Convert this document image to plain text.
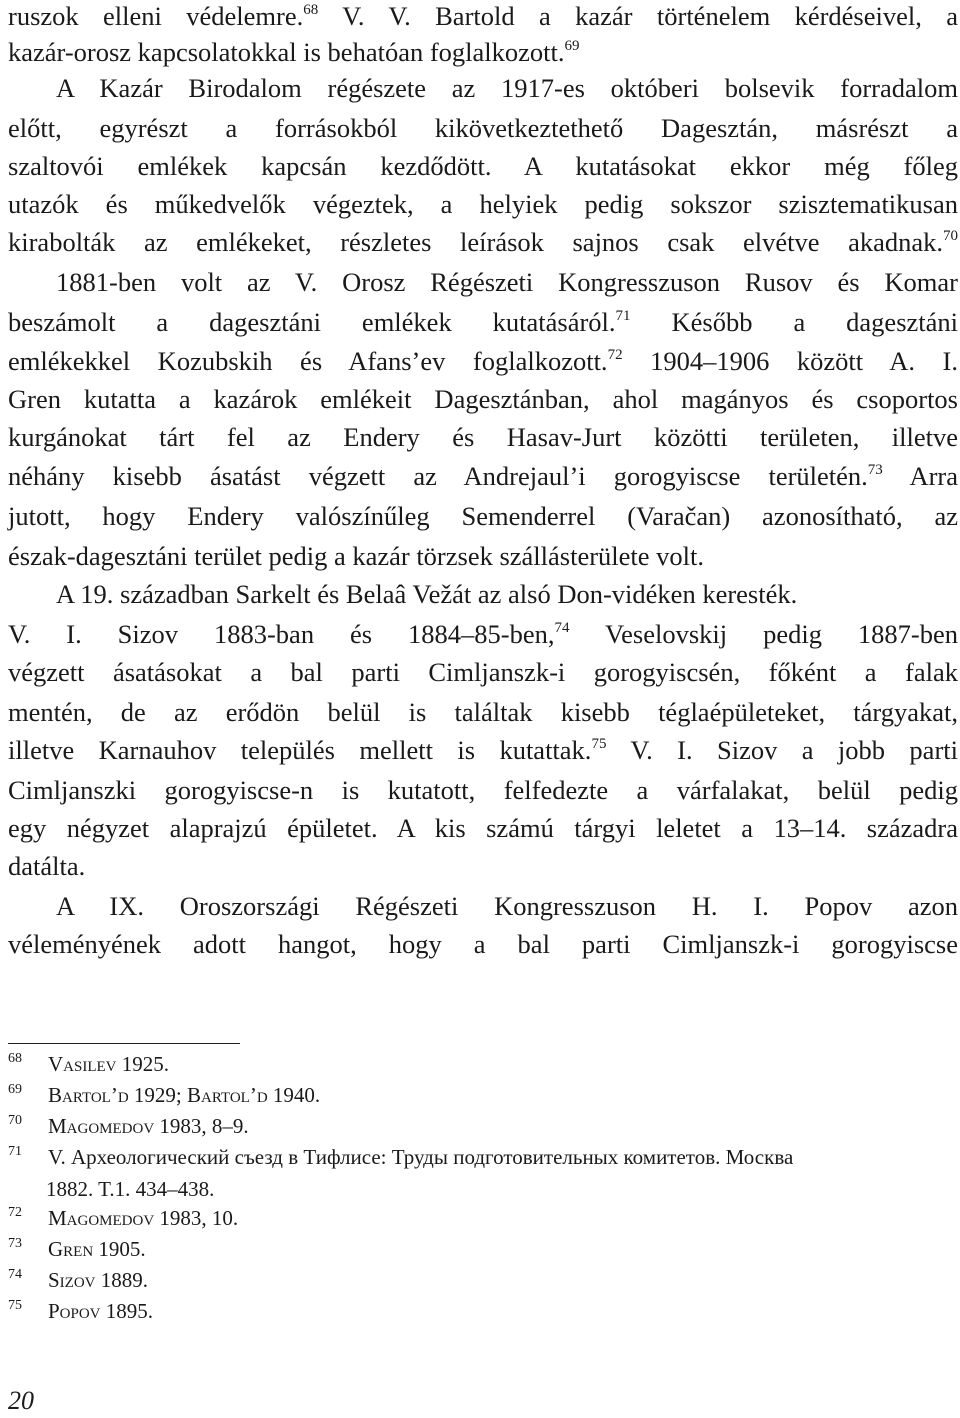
ruszok elleni védelemre.$^{68}$ V. V. Bartold a kazár történelem kérdéseivel, a
kazár-orosz kapcsolatokkal is behatóan foglalkozott.$^{69}$
A Kazár Birodalom régészete az 1917-es októberi bolsevik forradalom
előtt, egyrészt a forrásokból kikövetkeztethető Dagesztán, másrészt a
szaltovói emlékek kapcsán kezdődött. A kutatásokat ekkor még főleg
utazók és műkedvelők végeztek, a helyiek pedig sokszor szisztematikusan
kirabolták az emlékeket, részletes leírások sajnos csak elvétve akadnak.$^{70}$
1881-ben volt az V. Orosz Régészeti Kongresszuson Rusov és Komar
beszámolt a dagesztáni emlékek kutatásáról.$^{71}$ Később a dagesztáni
emlékekkel Kozubskih és Afans’ev foglalkozott.$^{72}$ 1904–1906 között A. I.
Gren kutatta a kazárok emlékeit Dagesztánban, ahol magányos és csoportos
kurgánokat tárt fel az Endery és Hasav-Jurt közötti területen, illetve
néhány kisebb ásatást végzett az Andrejaul’i gorogyiscse területén.$^{73}$ Arra
jutott, hogy Endery valószínűleg Semenderrel (Varačan) azonosítható, az
észak-dagesztáni terület pedig a kazár törzsek szállásterülete volt.
A 19. században Sarkelt és Belaâ Vežát az alsó Don-vidéken keresték.
V. I. Sizov 1883-ban és 1884–85-ben,$^{74}$ Veselovskij pedig 1887-ben
végzett ásatásokat a bal parti Cimljanszk-i gorogyiscsén, főként a falak
mentén, de az erődön belül is találtak kisebb téglaépületeket, tárgyakat,
illetve Karnauhov település mellett is kutattak.$^{75}$ V. I. Sizov a jobb parti
Cimljanszki gorogyiscse-n is kutatott, felfedezte a várfalakat, belül pedig
egy négyzet alaprajzú épületet. A kis számú tárgyi leletet a 13–14. századra
datálta.
A IX. Oroszországi Régészeti Kongresszuson H. I. Popov azon
véleményének adott hangot, hogy a bal parti Cimljanszk-i gorogyiscse
68 Vasilev 1925.
69 Bartol’d 1929; Bartol’d 1940.
70 Magomedov 1983, 8–9.
71 V. Археологический съезд в Тифлисе: Труды подготовительных комитетов. Москва
1882. T.1. 434–438.
72 Magomedov 1983, 10.
73 Gren 1905.
74 Sizov 1889.
75 Popov 1895.
20
